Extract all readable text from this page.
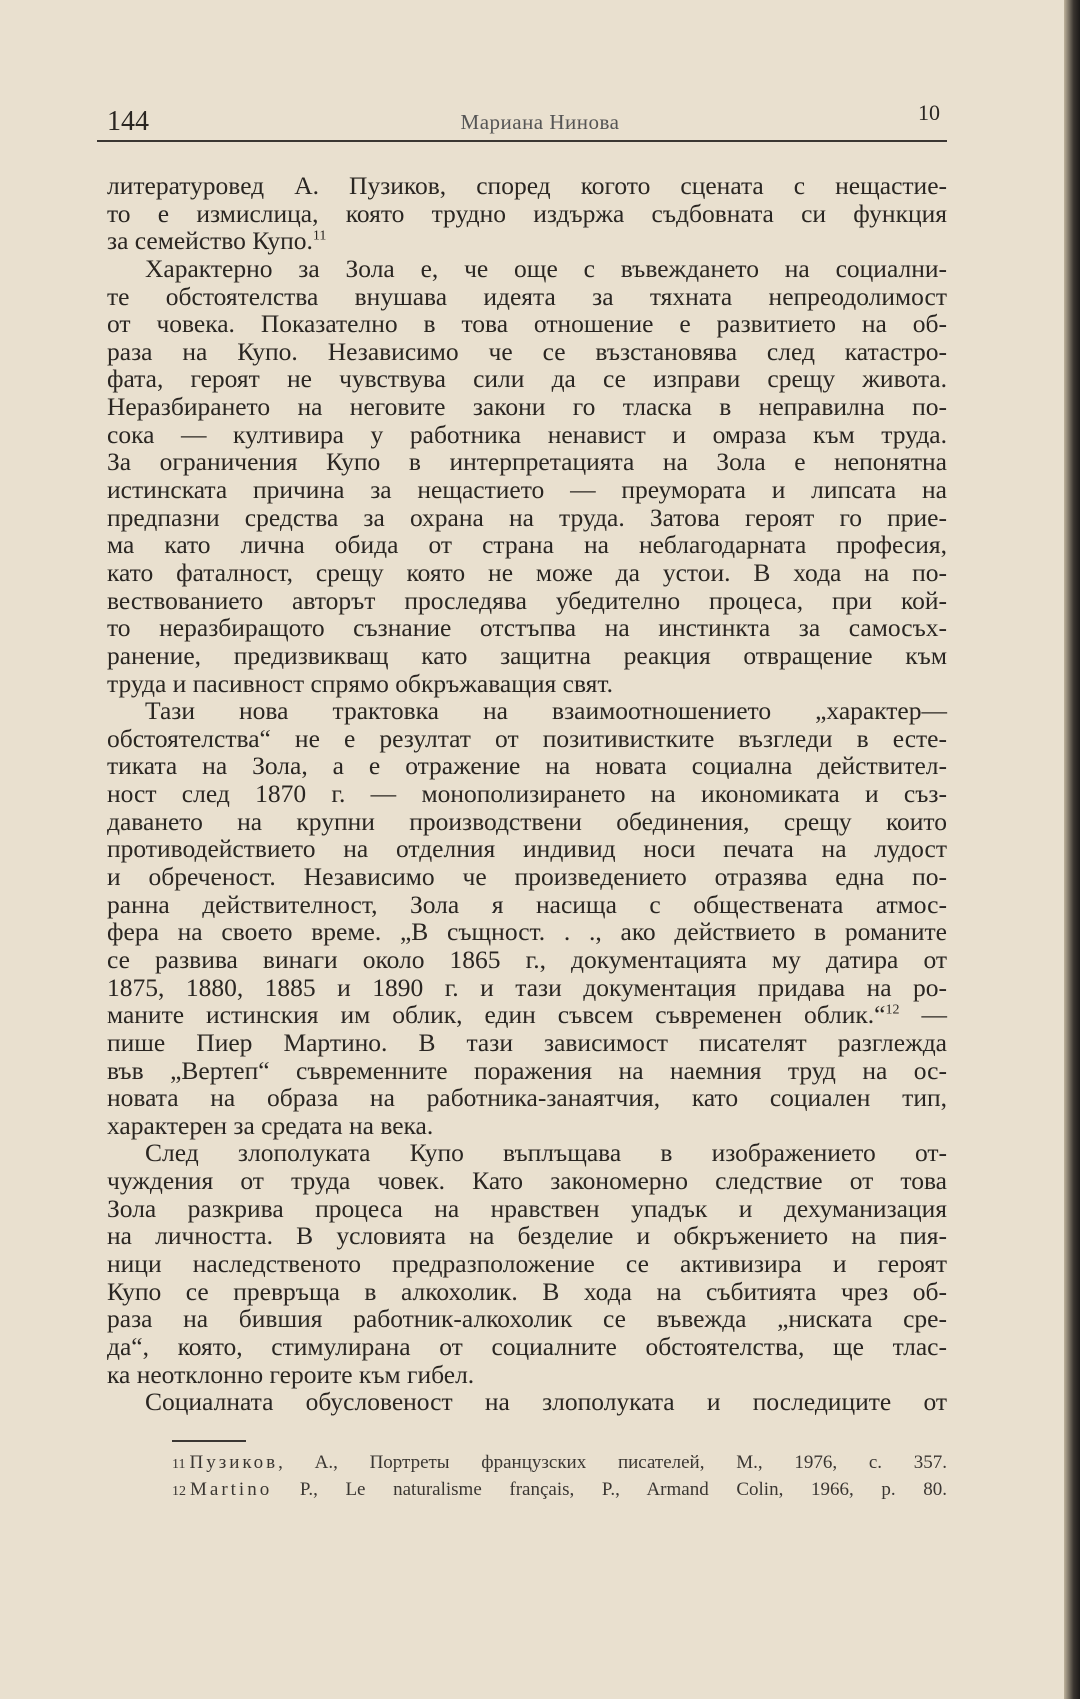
144	Мариана Нинова	10
литературовед А. Пузиков, според когото сцената с нещастие-
то е измислица, която трудно издържа съдбовната си функция
за семейство Купо.$^{11}$
Характерно за Зола е, че още с въвеждането на социални-
те обстоятелства внушава идеята за тяхната непреодолимост
от човека. Показателно в това отношение е развитието на об-
раза на Купо. Независимо че се възстановява след катастро-
фата, героят не чувствува сили да се изправи срещу живота.
Неразбирането на неговите закони го тласка в неправилна по-
сока — култивира у работника ненавист и омраза към труда.
За ограничения Купо в интерпретацията на Зола е непонятна
истинската причина за нещастието — преумората и липсата на
предпазни средства за охрана на труда. Затова героят го прие-
ма като лична обида от страна на неблагодарната професия,
като фаталност, срещу която не може да устои. В хода на по-
вествованието авторът проследява убедително процеса, при кой-
то неразбиращото съзнание отстъпва на инстинкта за самосъх-
ранение, предизвикващ като защитна реакция отвращение към
труда и пасивност спрямо обкръжаващия свят.
Тази нова трактовка на взаимоотношението „характер—
обстоятелства“ не е резултат от позитивистките възгледи в есте-
тиката на Зола, а е отражение на новата социална действител-
ност след 1870 г. — монополизирането на икономиката и съз-
даването на крупни производствени обединения, срещу които
противодействието на отделния индивид носи печата на лудост
и обреченост. Независимо че произведението отразява една по-
ранна действителност, Зола я насища с обществената атмос-
фера на своето време. „В същност. . ., ако действието в романите
се развива винаги около 1865 г., документацията му датира от
1875, 1880, 1885 и 1890 г. и тази документация придава на ро-
маните истинския им облик, един съвсем съвременен облик.“$^{12}$ —
пише Пиер Мартино. В тази зависимост писателят разглежда
във „Вертеп“ съвременните поражения на наемния труд на ос-
новата на образа на работника-занаятчия, като социален тип,
характерен за средата на века.
След злополуката Купо въплъщава в изображението от-
чуждения от труда човек. Като закономерно следствие от това
Зола разкрива процеса на нравствен упадък и дехуманизация
на личността. В условията на безделие и обкръжението на пия-
ници наследственото предразположение се активизира и героят
Купо се превръща в алкохолик. В хода на събитията чрез об-
раза на бившия работник-алкохолик се въвежда „ниската сре-
да“, която, стимулирана от социалните обстоятелства, ще тлас-
ка неотклонно героите към гибел.
Социалната обусловеност на злополуката и последиците от
11 Пузиков, А., Портреты французских писателей, М., 1976, с. 357.
12 Martino P., Le naturalisme français, P., Armand Colin, 1966, p. 80.
